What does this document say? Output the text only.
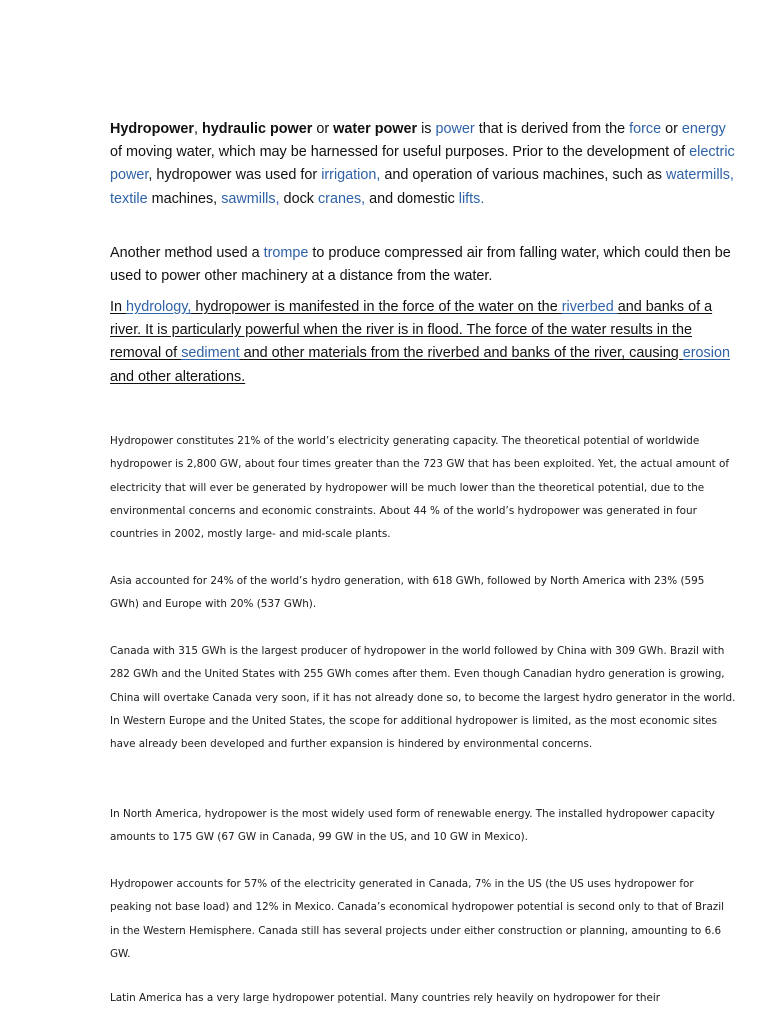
Hydropower, hydraulic power or water power is power that is derived from the force or energy of moving water, which may be harnessed for useful purposes. Prior to the development of electric power, hydropower was used for irrigation, and operation of various machines, such as watermills, textile machines, sawmills, dock cranes, and domestic lifts.

Another method used a trompe to produce compressed air from falling water, which could then be used to power other machinery at a distance from the water.

In hydrology, hydropower is manifested in the force of the water on the riverbed and banks of a river. It is particularly powerful when the river is in flood. The force of the water results in the removal of sediment and other materials from the riverbed and banks of the river, causing erosion and other alterations.

Hydropower constitutes 21% of the world’s electricity generating capacity. The theoretical potential of worldwide hydropower is 2,800 GW, about four times greater than the 723 GW that has been exploited. Yet, the actual amount of electricity that will ever be generated by hydropower will be much lower than the theoretical potential, due to the environmental concerns and economic constraints. About 44 % of the world’s hydropower was generated in four countries in 2002, mostly large- and mid-scale plants.

Asia accounted for 24% of the world’s hydro generation, with 618 GWh, followed by North America with 23% (595 GWh) and Europe with 20% (537 GWh).

Canada with 315 GWh is the largest producer of hydropower in the world followed by China with 309 GWh. Brazil with 282 GWh and the United States with 255 GWh comes after them. Even though Canadian hydro generation is growing, China will overtake Canada very soon, if it has not already done so, to become the largest hydro generator in the world. In Western Europe and the United States, the scope for additional hydropower is limited, as the most economic sites have already been developed and further expansion is hindered by environmental concerns.

In North America, hydropower is the most widely used form of renewable energy. The installed hydropower capacity amounts to 175 GW (67 GW in Canada, 99 GW in the US, and 10 GW in Mexico).

Hydropower accounts for 57% of the electricity generated in Canada, 7% in the US (the US uses hydropower for peaking not base load) and 12% in Mexico. Canada’s economical hydropower potential is second only to that of Brazil in the Western Hemisphere. Canada still has several projects under either construction or planning, amounting to 6.6 GW.

Latin America has a very large hydropower potential. Many countries rely heavily on hydropower for their
